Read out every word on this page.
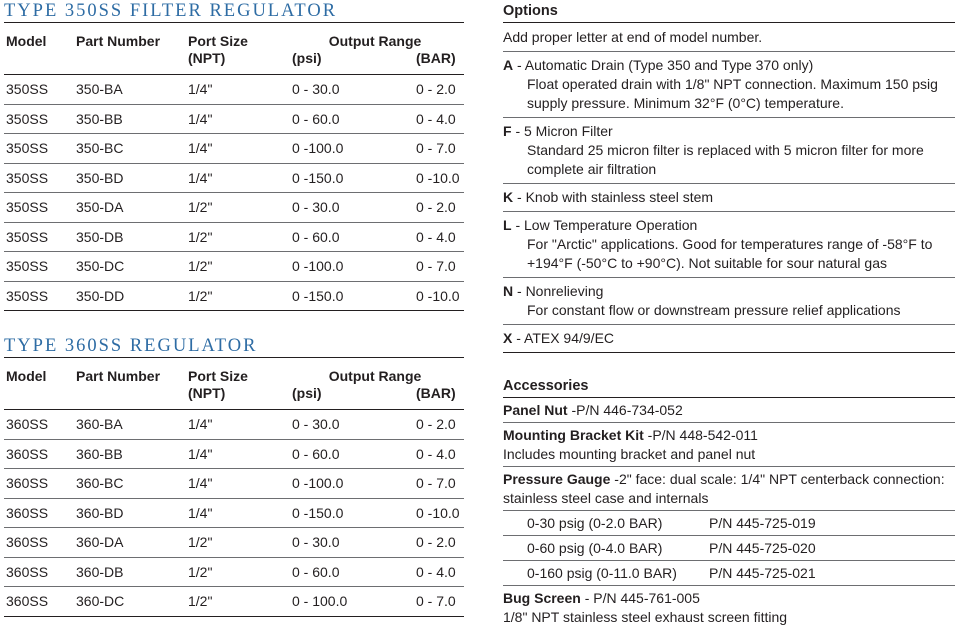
TYPE 350SS FILTER REGULATOR
Model	Part Number	Port Size	Output Range	
		(NPT)	(psi)	(BAR)
350SS	350-BA	1/4"	0 - 30.0	0 - 2.0
350SS	350-BB	1/4"	0 - 60.0	0 - 4.0
350SS	350-BC	1/4"	0 -100.0	0 - 7.0
350SS	350-BD	1/4"	0 -150.0	0 -10.0
350SS	350-DA	1/2"	0 - 30.0	0 - 2.0
350SS	350-DB	1/2"	0 - 60.0	0 - 4.0
350SS	350-DC	1/2"	0 -100.0	0 - 7.0
350SS	350-DD	1/2"	0 -150.0	0 -10.0
TYPE 360SS REGULATOR
Model	Part Number	Port Size	Output Range	
		(NPT)	(psi)	(BAR)
360SS	360-BA	1/4"	0 - 30.0	0 - 2.0
360SS	360-BB	1/4"	0 - 60.0	0 - 4.0
360SS	360-BC	1/4"	0 -100.0	0 - 7.0
360SS	360-BD	1/4"	0 -150.0	0 -10.0
360SS	360-DA	1/2"	0 - 30.0	0 - 2.0
360SS	360-DB	1/2"	0 - 60.0	0 - 4.0
360SS	360-DC	1/2"	0 - 100.0	0 - 7.0
Options

Add proper letter at end of model number.

A - Automatic Drain (Type 350 and Type 370 only)
Float operated drain with 1/8" NPT connection. Maximum 150 psig supply pressure. Minimum 32°F (0°C) temperature.
F - 5 Micron Filter
Standard 25 micron filter is replaced with 5 micron filter for more complete air filtration
K - Knob with stainless steel stem
L - Low Temperature Operation
For "Arctic" applications. Good for temperatures range of -58°F to +194°F (-50°C to +90°C). Not suitable for sour natural gas
N - Nonrelieving
For constant flow or downstream pressure relief applications
X - ATEX 94/9/EC
Accessories
Panel Nut -P/N 446-734-052
Mounting Bracket Kit -P/N 448-542-011
Includes mounting bracket and panel nut
Pressure Gauge -2" face: dual scale: 1/4" NPT centerback connection: stainless steel case and internals
0-30 psig (0-2.0 BAR)	P/N 445-725-019
0-60 psig (0-4.0 BAR)	P/N 445-725-020
0-160 psig (0-11.0 BAR)	P/N 445-725-021
Bug Screen - P/N 445-761-005
1/8" NPT stainless steel exhaust screen fitting
